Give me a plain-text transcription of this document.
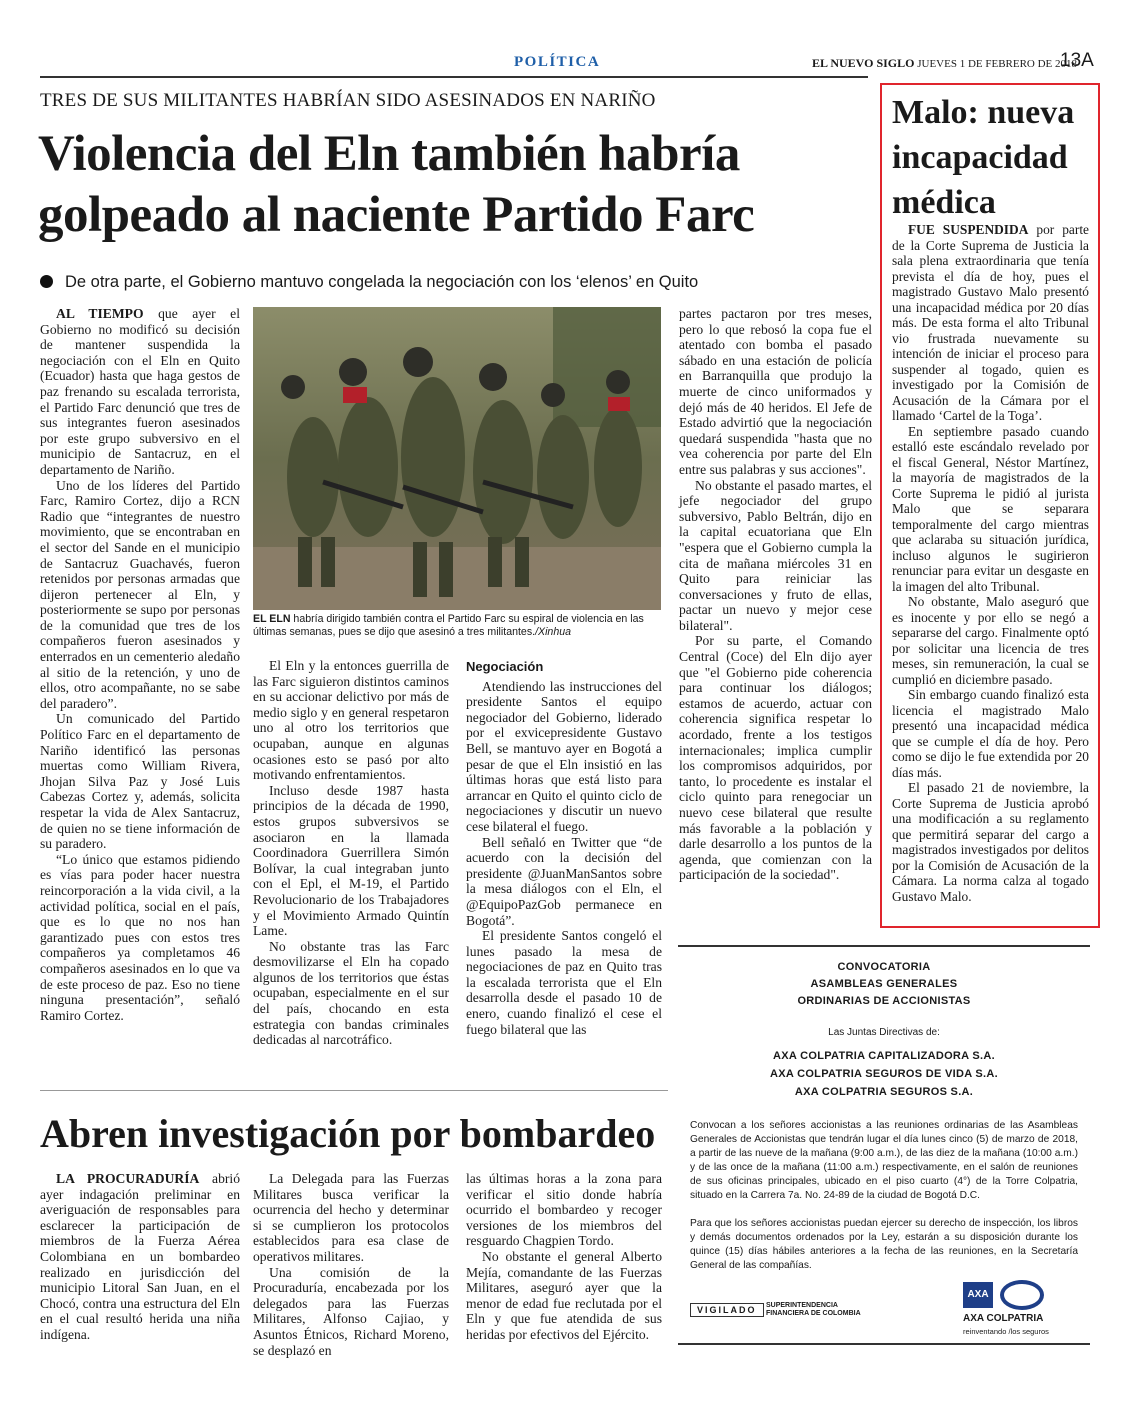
POLÍTICA	EL NUEVO SIGLO JUEVES 1 DE FEBRERO DE 2018
13A
TRES DE SUS MILITANTES HABRÍAN SIDO ASESINADOS EN NARIÑO
Violencia del Eln también habría
golpeado al naciente Partido Farc
De otra parte, el Gobierno mantuvo congelada la negociación con los ‘elenos’ en Quito

AL TIEMPO que ayer el Gobierno no modificó su decisión de mantener suspendida la negociación con el Eln en Quito (Ecuador) hasta que haga gestos de paz frenando su escalada terrorista, el Partido Farc denunció que tres de sus integrantes fueron asesinados por este grupo subversivo en el municipio de Santacruz, en el departamento de Nariño.

Uno de los líderes del Partido Farc, Ramiro Cortez, dijo a RCN Radio que “integrantes de nuestro movimiento, que se encontraban en el sector del Sande en el municipio de Santacruz Guachavés, fueron retenidos por personas armadas que dijeron pertenecer al Eln, y posteriormente se supo por personas de la comunidad que tres de los compañeros fueron asesinados y enterrados en un cementerio aledaño al sitio de la retención, y uno de ellos, otro acompañante, no se sabe del paradero”.

Un comunicado del Partido Político Farc en el departamento de Nariño identificó las personas muertas como William Rivera, Jhojan Silva Paz y José Luis Cabezas Cortez y, además, solicita respetar la vida de Alex Santacruz, de quien no se tiene información de su paradero.

“Lo único que estamos pidiendo es vías para poder hacer nuestra reincorporación a la vida civil, a la actividad política, social en el país, que es lo que no nos han garantizado pues con estos tres compañeros ya completamos 46 compañeros asesinados en lo que va de este proceso de paz. Eso no tiene ninguna presentación”, señaló Ramiro Cortez.

EL ELN habría dirigido también contra el Partido Farc su espiral de violencia en las últimas semanas, pues se dijo que asesinó a tres militantes./Xinhua

El Eln y la entonces guerrilla de las Farc siguieron distintos caminos en su accionar delictivo por más de medio siglo y en general respetaron uno al otro los territorios que ocupaban, aunque en algunas ocasiones esto se pasó por alto motivando enfrentamientos.

Incluso desde 1987 hasta principios de la década de 1990, estos grupos subversivos se asociaron en la llamada Coordinadora Guerrillera Simón Bolívar, la cual integraban junto con el Epl, el M-19, el Partido Revolucionario de los Trabajadores y el Movimiento Armado Quintín Lame.

No obstante tras las Farc desmovilizarse el Eln ha copado algunos de los territorios que éstas ocupaban, especialmente en el sur del país, chocando en esta estrategia con bandas criminales dedicadas al narcotráfico.

Negociación

Atendiendo las instrucciones del presidente Santos el equipo negociador del Gobierno, liderado por el exvicepresidente Gustavo Bell, se mantuvo ayer en Bogotá a pesar de que el Eln insistió en las últimas horas que está listo para arrancar en Quito el quinto ciclo de negociaciones y discutir un nuevo cese bilateral el fuego.

Bell señaló en Twitter que “de acuerdo con la decisión del presidente @JuanManSantos sobre la mesa diálogos con el Eln, el @EquipoPazGob permanece en Bogotá”.

El presidente Santos congeló el lunes pasado la mesa de negociaciones de paz en Quito tras la escalada terrorista que el Eln desarrolla desde el pasado 10 de enero, cuando finalizó el cese el fuego bilateral que las

partes pactaron por tres meses, pero lo que rebosó la copa fue el atentado con bomba el pasado sábado en una estación de policía en Barranquilla que produjo la muerte de cinco uniformados y dejó más de 40 heridos. El Jefe de Estado advirtió que la negociación quedará suspendida "hasta que no vea coherencia por parte del Eln entre sus palabras y sus acciones".

No obstante el pasado martes, el jefe negociador del grupo subversivo, Pablo Beltrán, dijo en la capital ecuatoriana que Eln "espera que el Gobierno cumpla la cita de mañana miércoles 31 en Quito para reiniciar las conversaciones y fruto de ellas, pactar un nuevo y mejor cese bilateral".

Por su parte, el Comando Central (Coce) del Eln dijo ayer que "el Gobierno pide coherencia para continuar los diálogos; estamos de acuerdo, actuar con coherencia significa respetar lo acordado, frente a los testigos internacionales; implica cumplir los compromisos adquiridos, por tanto, lo procedente es instalar el ciclo quinto para renegociar un nuevo cese bilateral que resulte más favorable a la población y darle desarrollo a los puntos de la agenda, que comienzan con la participación de la sociedad".

Malo: nueva
incapacidad
médica

FUE SUSPENDIDA por parte de la Corte Suprema de Justicia la sala plena extraordinaria que tenía prevista el día de hoy, pues el magistrado Gustavo Malo presentó una incapacidad médica por 20 días más. De esta forma el alto Tribunal vio frustrada nuevamente su intención de iniciar el proceso para suspender al togado, quien es investigado por la Comisión de Acusación de la Cámara por el llamado ‘Cartel de la Toga’.

En septiembre pasado cuando estalló este escándalo revelado por el fiscal General, Néstor Martínez, la mayoría de magistrados de la Corte Suprema le pidió al jurista Malo que se separara temporalmente del cargo mientras que aclaraba su situación jurídica, incluso algunos le sugirieron renunciar para evitar un desgaste en la imagen del alto Tribunal.

No obstante, Malo aseguró que es inocente y por ello se negó a separarse del cargo. Finalmente optó por solicitar una licencia de tres meses, sin remuneración, la cual se cumplió en diciembre pasado.

Sin embargo cuando finalizó esta licencia el magistrado Malo presentó una incapacidad médica que se cumple el día de hoy. Pero como se dijo le fue extendida por 20 días más.

El pasado 21 de noviembre, la Corte Suprema de Justicia aprobó una modificación a su reglamento que permitirá separar del cargo a magistrados investigados por delitos por la Comisión de Acusación de la Cámara. La norma calza al togado Gustavo Malo.

Abren investigación por bombardeo

LA PROCURADURÍA abrió ayer indagación preliminar en averiguación de responsables para esclarecer la participación de miembros de la Fuerza Aérea Colombiana en un bombardeo realizado en jurisdicción del municipio Litoral San Juan, en el Chocó, contra una estructura del Eln en el cual resultó herida una niña indígena.

La Delegada para las Fuerzas Militares busca verificar la ocurrencia del hecho y determinar si se cumplieron los protocolos establecidos para esa clase de operativos militares.

Una comisión de la Procuraduría, encabezada por los delegados para las Fuerzas Militares, Alfonso Cajiao, y Asuntos Étnicos, Richard Moreno, se desplazó en

las últimas horas a la zona para verificar el sitio donde habría ocurrido el bombardeo y recoger versiones de los miembros del resguardo Chagpien Tordo.

No obstante el general Alberto Mejía, comandante de las Fuerzas Militares, aseguró ayer que la menor de edad fue reclutada por el Eln y que fue atendida de sus heridas por efectivos del Ejército.

CONVOCATORIA
ASAMBLEAS GENERALES
ORDINARIAS DE ACCIONISTAS
Las Juntas Directivas de:
AXA COLPATRIA CAPITALIZADORA S.A.
AXA COLPATRIA SEGUROS DE VIDA S.A.
AXA COLPATRIA SEGUROS S.A.
Convocan a los señores accionistas a las reuniones ordinarias de las Asambleas Generales de Accionistas que tendrán lugar el día lunes cinco (5) de marzo de 2018, a partir de las nueve de la mañana (9:00 a.m.), de las diez de la mañana (10:00 a.m.) y de las once de la mañana (11:00 a.m.) respectivamente, en el salón de reuniones de sus oficinas principales, ubicado en el piso cuarto (4°) de la Torre Colpatria, situado en la Carrera 7a. No. 24-89 de la ciudad de Bogotá D.C.
Para que los señores accionistas puedan ejercer su derecho de inspección, los libros y demás documentos ordenados por la Ley, estarán a su disposición durante los quince (15) días hábiles anteriores a la fecha de las reuniones, en la Secretaría General de las compañías.
VIGILADO	SUPERINTENDENCIA FINANCIERA DE COLOMBIA
AXA
AXA COLPATRIA
reinventando /los seguros
